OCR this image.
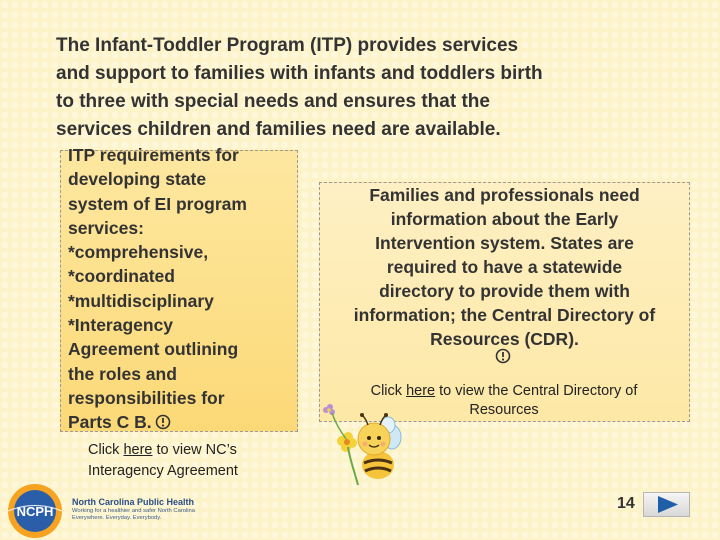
The Infant-Toddler Program (ITP) provides services
and support to families with infants and toddlers birth
to three with special needs and ensures that the
services children and families need are available.
ITP requirements for
developing state
system of EI program
services:
*comprehensive,
*coordinated
*multidisciplinary
*Interagency
Agreement outlining
the roles and
responsibilities for
Parts C B.
Click here to view NC’s
Interagency Agreement
Families and professionals need
information about the Early
Intervention system. States are
required to have a statewide
directory to provide them with
information; the Central Directory of
Resources (CDR).
Click here to view the Central Directory of
Resources
NCPH
North Carolina Public Health
Working for a healthier and safer North Carolina
Everywhere. Everyday. Everybody.
14
